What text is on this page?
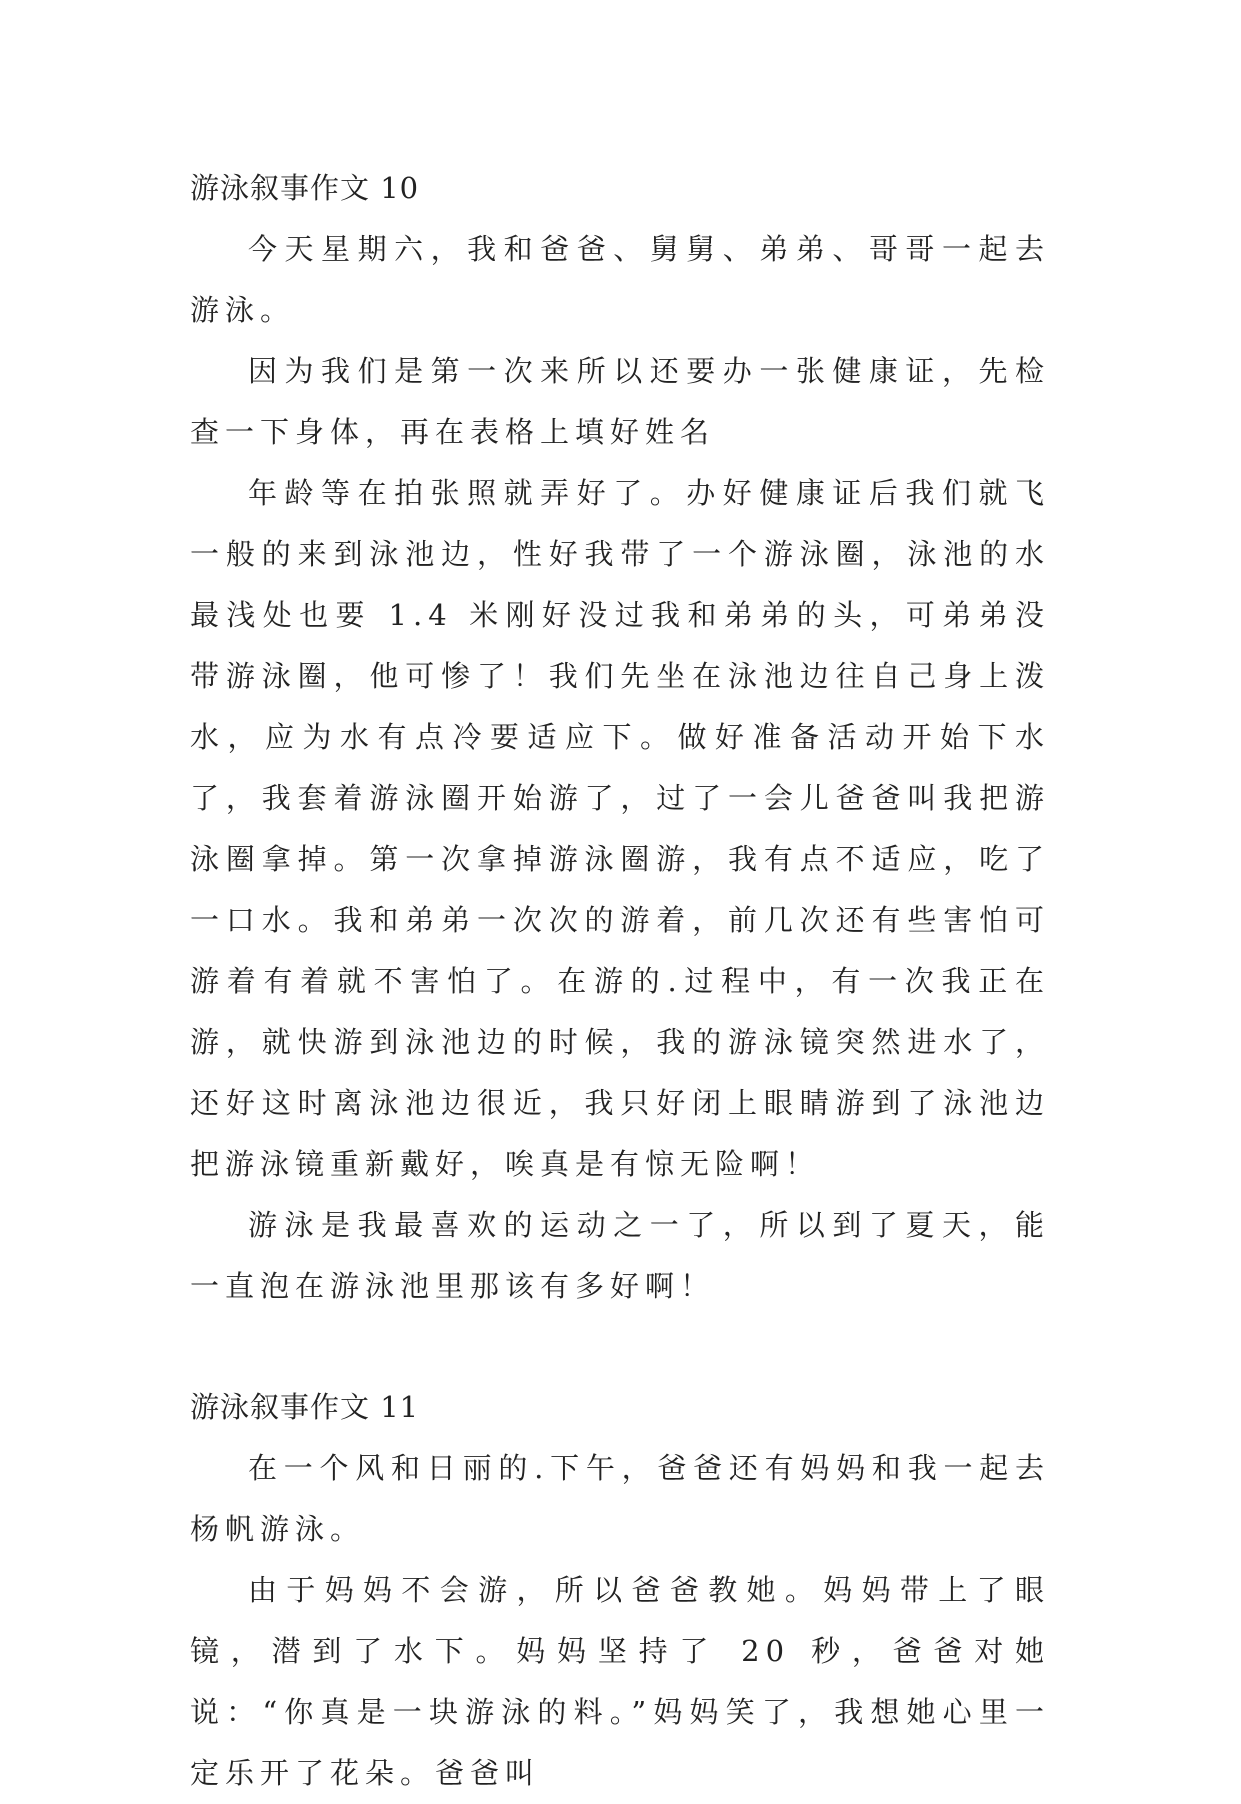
游泳叙事作文 10

今天星期六，我和爸爸、舅舅、弟弟、哥哥一起去游泳。

因为我们是第一次来所以还要办一张健康证，先检查一下身体，再在表格上填好姓名

年龄等在拍张照就弄好了。办好健康证后我们就飞一般的来到泳池边，性好我带了一个游泳圈，泳池的水最浅处也要 1.4 米刚好没过我和弟弟的头，可弟弟没带游泳圈，他可惨了！我们先坐在泳池边往自己身上泼水，应为水有点冷要适应下。做好准备活动开始下水了，我套着游泳圈开始游了，过了一会儿爸爸叫我把游泳圈拿掉。第一次拿掉游泳圈游，我有点不适应，吃了一口水。我和弟弟一次次的游着，前几次还有些害怕可游着有着就不害怕了。在游的.过程中，有一次我正在游，就快游到泳池边的时候，我的游泳镜突然进水了，还好这时离泳池边很近，我只好闭上眼睛游到了泳池边把游泳镜重新戴好，唉真是有惊无险啊！

游泳是我最喜欢的运动之一了，所以到了夏天，能一直泡在游泳池里那该有多好啊！

游泳叙事作文 11

在一个风和日丽的.下午，爸爸还有妈妈和我一起去杨帆游泳。

由于妈妈不会游，所以爸爸教她。妈妈带上了眼镜，潜到了水下。妈妈坚持了 20 秒，爸爸对她说：“你真是一块游泳的料。”妈妈笑了，我想她心里一定乐开了花朵。爸爸叫
